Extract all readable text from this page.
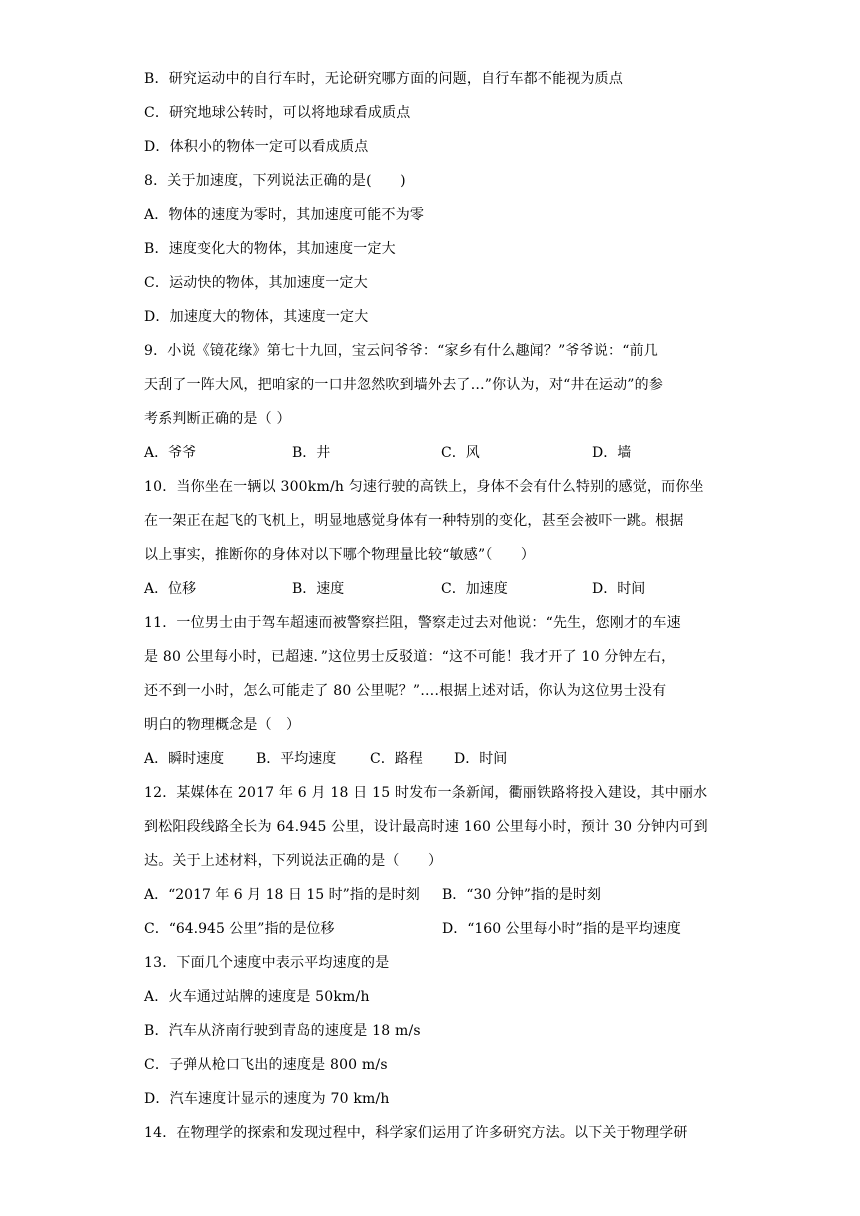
B．研究运动中的自行车时，无论研究哪方面的问题，自行车都不能视为质点
C．研究地球公转时，可以将地球看成质点
D．体积小的物体一定可以看成质点
8．关于加速度，下列说法正确的是(　　)
A．物体的速度为零时，其加速度可能不为零
B．速度变化大的物体，其加速度一定大
C．运动快的物体，其加速度一定大
D．加速度大的物体，其速度一定大
9．小说《镜花缘》第七十九回，宝云问爷爷：“家乡有什么趣闻？”爷爷说：“前几
天刮了一阵大风，把咱家的一口井忽然吹到墙外去了…”你认为，对“井在运动”的参
考系判断正确的是（ ）
A．爷爷	B．井	C．风	D．墙
10．当你坐在一辆以 300km/h 匀速行驶的高铁上，身体不会有什么特别的感觉，而你坐
在一架正在起飞的飞机上，明显地感觉身体有一种特别的变化，甚至会被吓一跳。根据
以上事实，推断你的身体对以下哪个物理量比较“敏感”（　　）
A．位移	B．速度	C．加速度	D．时间
11．一位男士由于驾车超速而被警察拦阻，警察走过去对他说：“先生，您刚才的车速
是 80 公里每小时，已超速．”这位男士反驳道：“这不可能！我才开了 10 分钟左右，
还不到一小时，怎么可能走了 80 公里呢？”….根据上述对话，你认为这位男士没有
明白的物理概念是（　）
A．瞬时速度 B．平均速度 C．路程 D．时间
12．某媒体在 2017 年 6 月 18 日 15 时发布一条新闻，衢丽铁路将投入建设，其中丽水
到松阳段线路全长为 64.945 公里，设计最高时速 160 公里每小时，预计 30 分钟内可到
达。关于上述材料，下列说法正确的是（　　）
A．“2017 年 6 月 18 日 15 时”指的是时刻 B．“30 分钟”指的是时刻
C．“64.945 公里”指的是位移	D．“160 公里每小时”指的是平均速度
13．下面几个速度中表示平均速度的是
A．火车通过站牌的速度是 50km/h
B．汽车从济南行驶到青岛的速度是 18 m/s
C．子弹从枪口飞出的速度是 800 m/s
D．汽车速度计显示的速度为 70 km/h
14．在物理学的探索和发现过程中，科学家们运用了许多研究方法。以下关于物理学研
